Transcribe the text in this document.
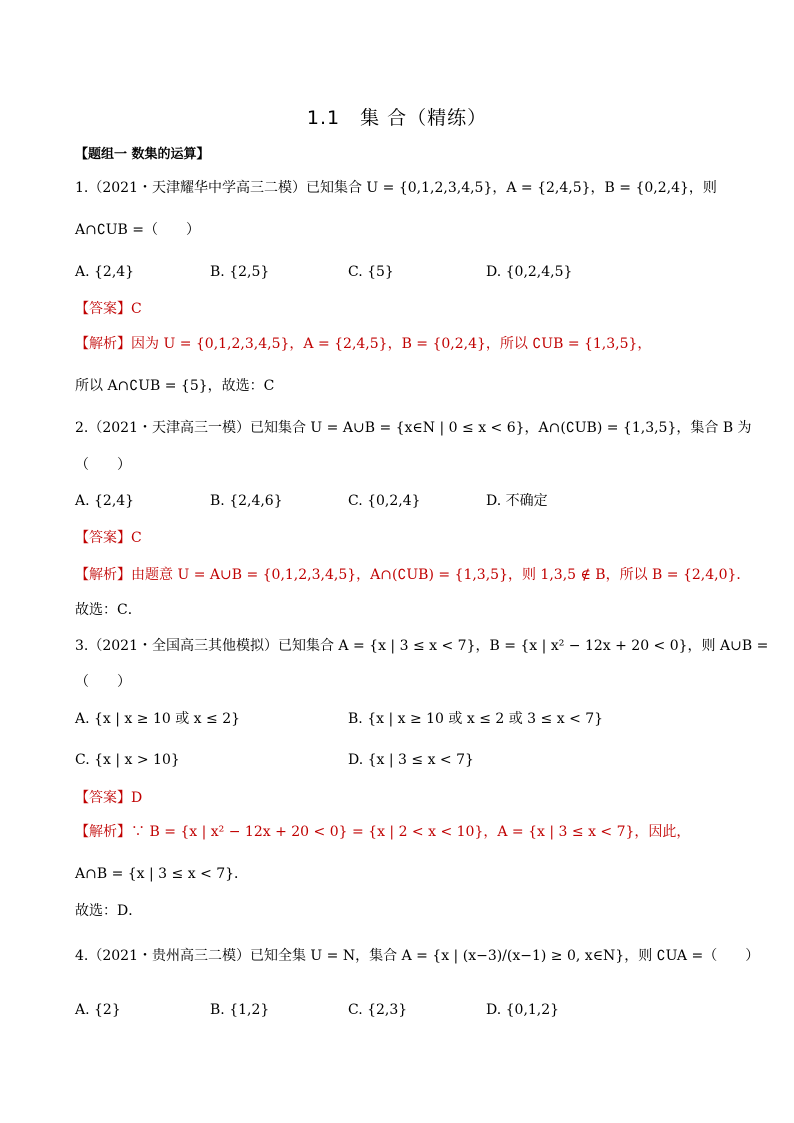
1.1　集 合（精练）
【题组一 数集的运算】
1.（2021・天津耀华中学高三二模）已知集合 U = {0,1,2,3,4,5}，A = {2,4,5}，B = {0,2,4}，则
A∩∁UB =（　　）
A. {2,4}	B. {2,5}	C. {5}	D. {0,2,4,5}
【答案】C
【解析】因为 U = {0,1,2,3,4,5}，A = {2,4,5}，B = {0,2,4}，所以 ∁UB = {1,3,5}，
所以 A∩∁UB = {5}，故选：C
2.（2021・天津高三一模）已知集合 U = A∪B = {x∈N | 0 ≤ x < 6}，A∩(∁UB) = {1,3,5}，集合 B 为
（　　）
A. {2,4}	B. {2,4,6}	C. {0,2,4}	D. 不确定
【答案】C
【解析】由题意 U = A∪B = {0,1,2,3,4,5}，A∩(∁UB) = {1,3,5}，则 1,3,5 ∉ B，所以 B = {2,4,0}．
故选：C．
3.（2021・全国高三其他模拟）已知集合 A = {x | 3 ≤ x < 7}，B = {x | x² − 12x + 20 < 0}，则 A∪B =
（　　）
A. {x | x ≥ 10 或 x ≤ 2}	B. {x | x ≥ 10 或 x ≤ 2 或 3 ≤ x < 7}
C. {x | x > 10}	D. {x | 3 ≤ x < 7}
【答案】D
【解析】∵ B = {x | x² − 12x + 20 < 0} = {x | 2 < x < 10}，A = {x | 3 ≤ x < 7}，因此，
A∩B = {x | 3 ≤ x < 7}．
故选：D．
4.（2021・贵州高三二模）已知全集 U = N，集合 A = {x | (x−3)/(x−1) ≥ 0, x∈N}，则 ∁UA =（　　）
A. {2}	B. {1,2}	C. {2,3}	D. {0,1,2}
